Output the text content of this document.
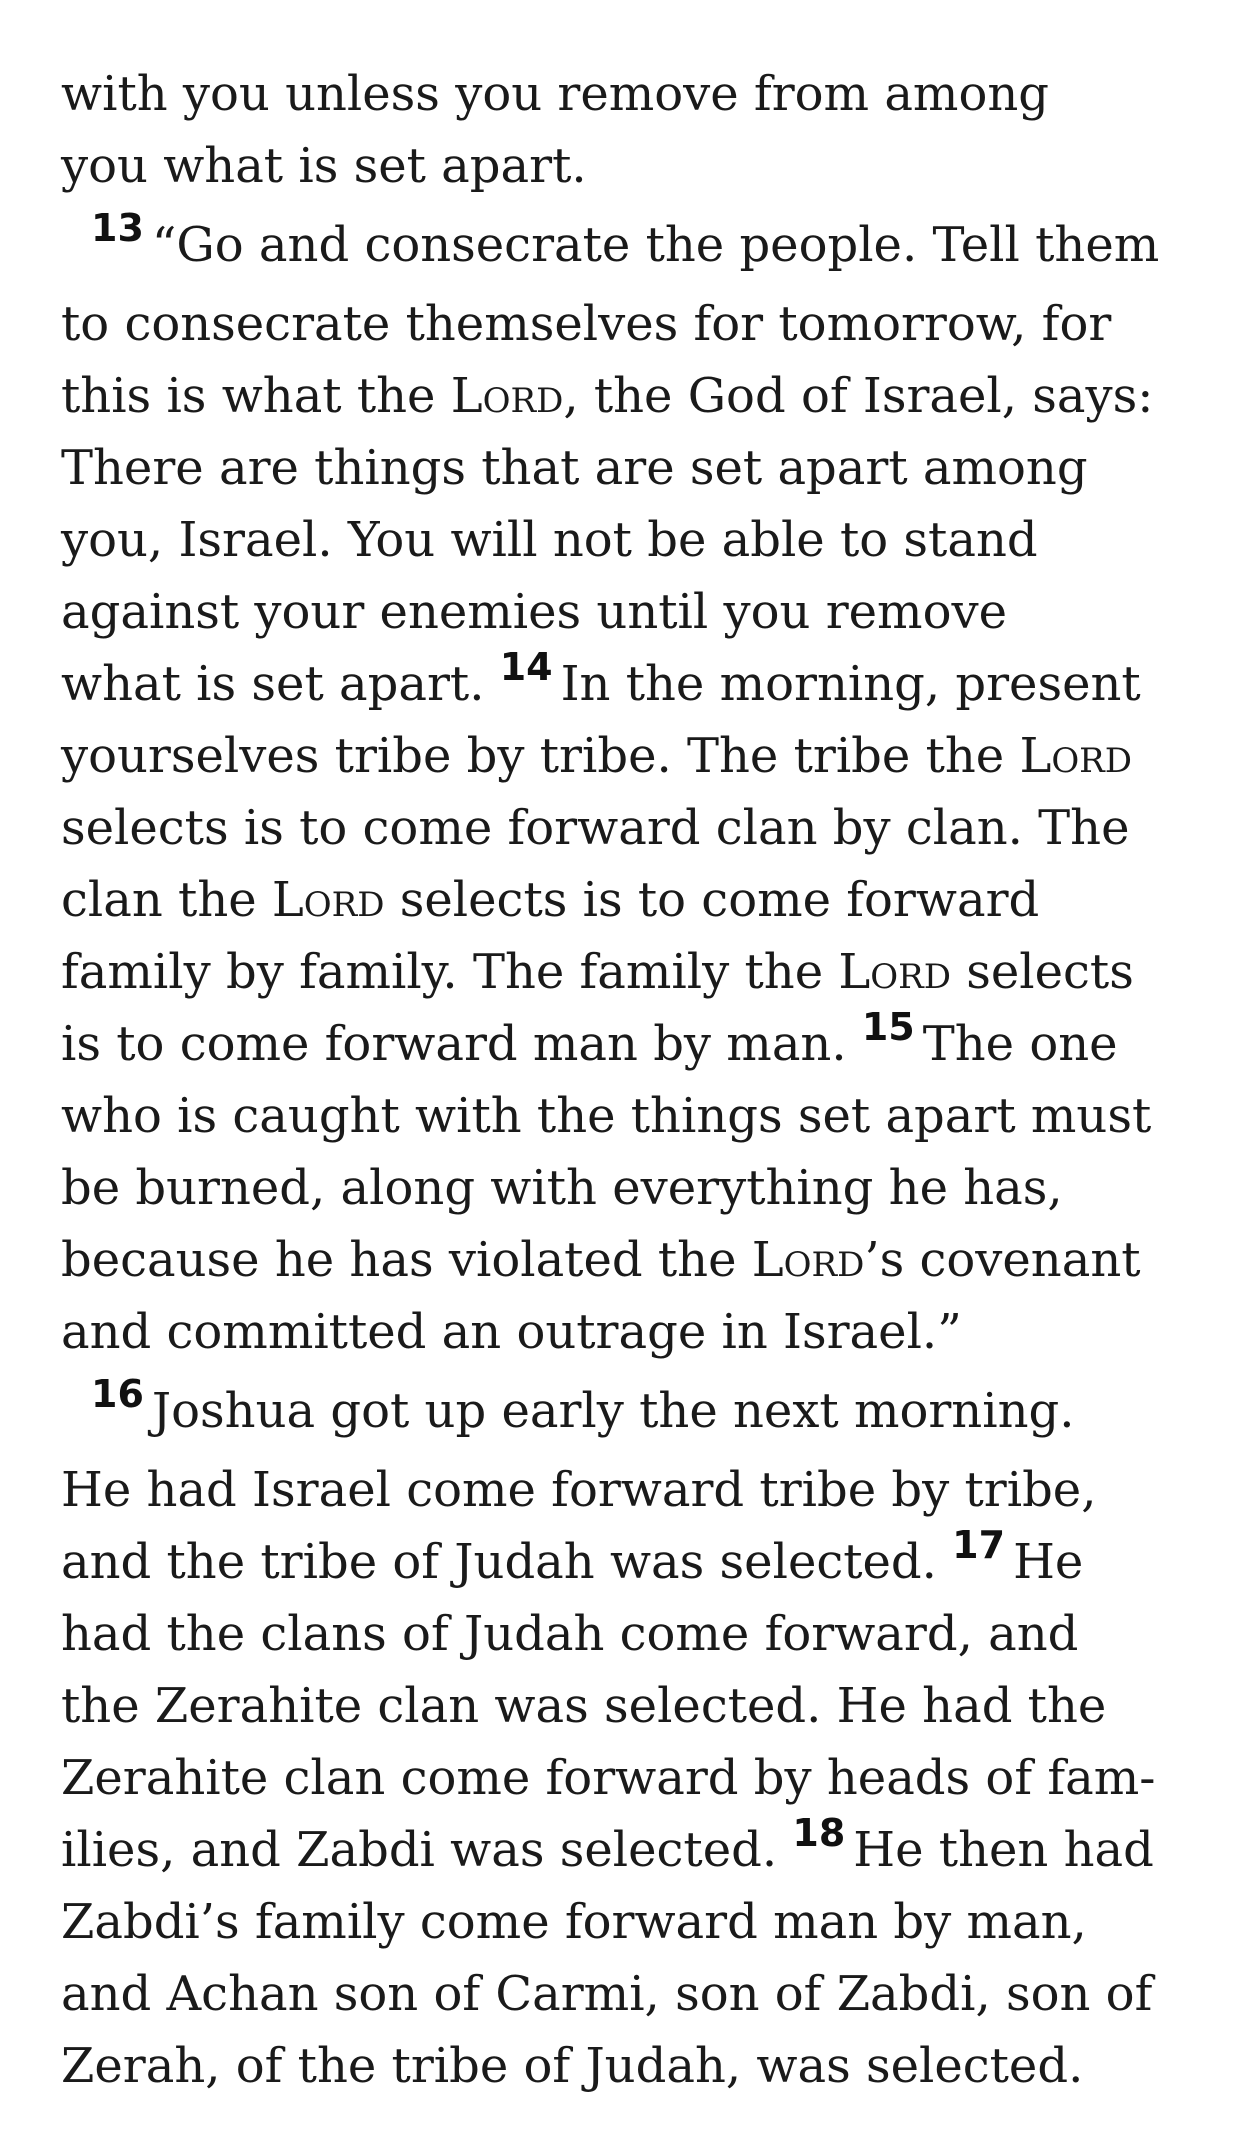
with you unless you remove from among
you what is set apart.
13 “Go and consecrate the people. Tell them
to consecrate themselves for tomorrow, for
this is what the Lord, the God of Israel, says:
There are things that are set apart among
you, Israel. You will not be able to stand
against your enemies until you remove
what is set apart. $^{14}$ In the morning, present
yourselves tribe by tribe. The tribe the Lord
selects is to come forward clan by clan. The
clan the Lord selects is to come forward
family by family. The family the Lord selects
is to come forward man by man. $^{15}$ The one
who is caught with the things set apart must
be burned, along with everything he has,
because he has violated the Lord’s covenant
and committed an outrage in Israel.”
16 Joshua got up early the next morning.
He had Israel come forward tribe by tribe,
and the tribe of Judah was selected. $^{17}$ He
had the clans of Judah come forward, and
the Zerahite clan was selected. He had the
Zerahite clan come forward by heads of fam-
ilies, and Zabdi was selected. $^{18}$ He then had
Zabdi’s family come forward man by man,
and Achan son of Carmi, son of Zabdi, son of
Zerah, of the tribe of Judah, was selected.
